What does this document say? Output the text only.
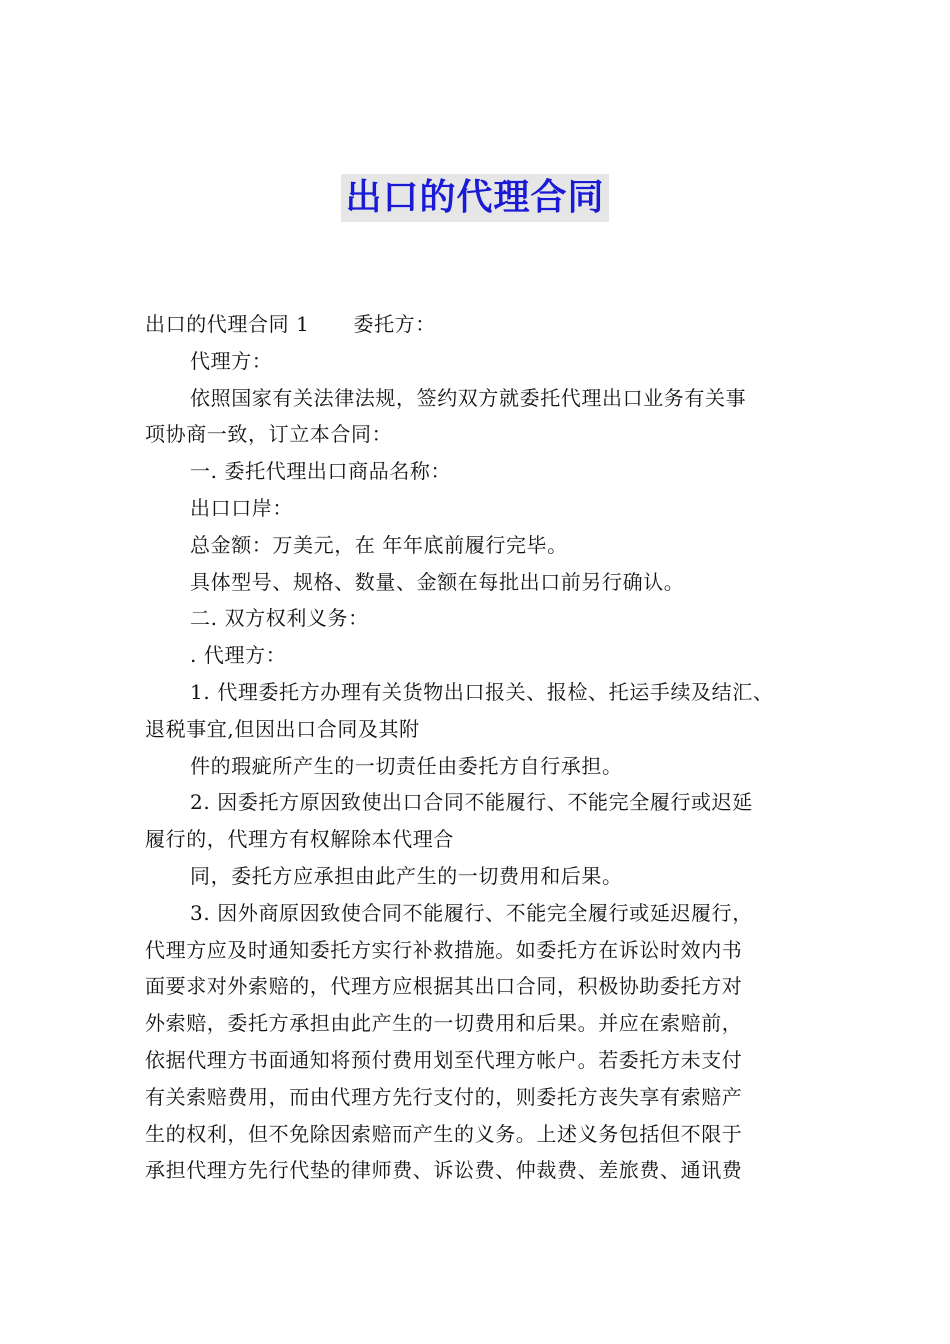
出口的代理合同
出口的代理合同 1 委托方：
代理方：
依照国家有关法律法规，签约双方就委托代理出口业务有关事
项协商一致，订立本合同：
一. 委托代理出口商品名称：
出口口岸：
总金额：万美元，在 年年底前履行完毕。
具体型号、规格、数量、金额在每批出口前另行确认。
二. 双方权利义务：
. 代理方：
1. 代理委托方办理有关货物出口报关、报检、托运手续及结汇、
退税事宜,但因出口合同及其附
件的瑕疵所产生的一切责任由委托方自行承担。
2. 因委托方原因致使出口合同不能履行、不能完全履行或迟延
履行的，代理方有权解除本代理合
同，委托方应承担由此产生的一切费用和后果。
3. 因外商原因致使合同不能履行、不能完全履行或延迟履行，
代理方应及时通知委托方实行补救措施。如委托方在诉讼时效内书
面要求对外索赔的，代理方应根据其出口合同，积极协助委托方对
外索赔，委托方承担由此产生的一切费用和后果。并应在索赔前，
依据代理方书面通知将预付费用划至代理方帐户。若委托方未支付
有关索赔费用，而由代理方先行支付的，则委托方丧失享有索赔产
生的权利，但不免除因索赔而产生的义务。上述义务包括但不限于
承担代理方先行代垫的律师费、诉讼费、仲裁费、差旅费、通讯费
